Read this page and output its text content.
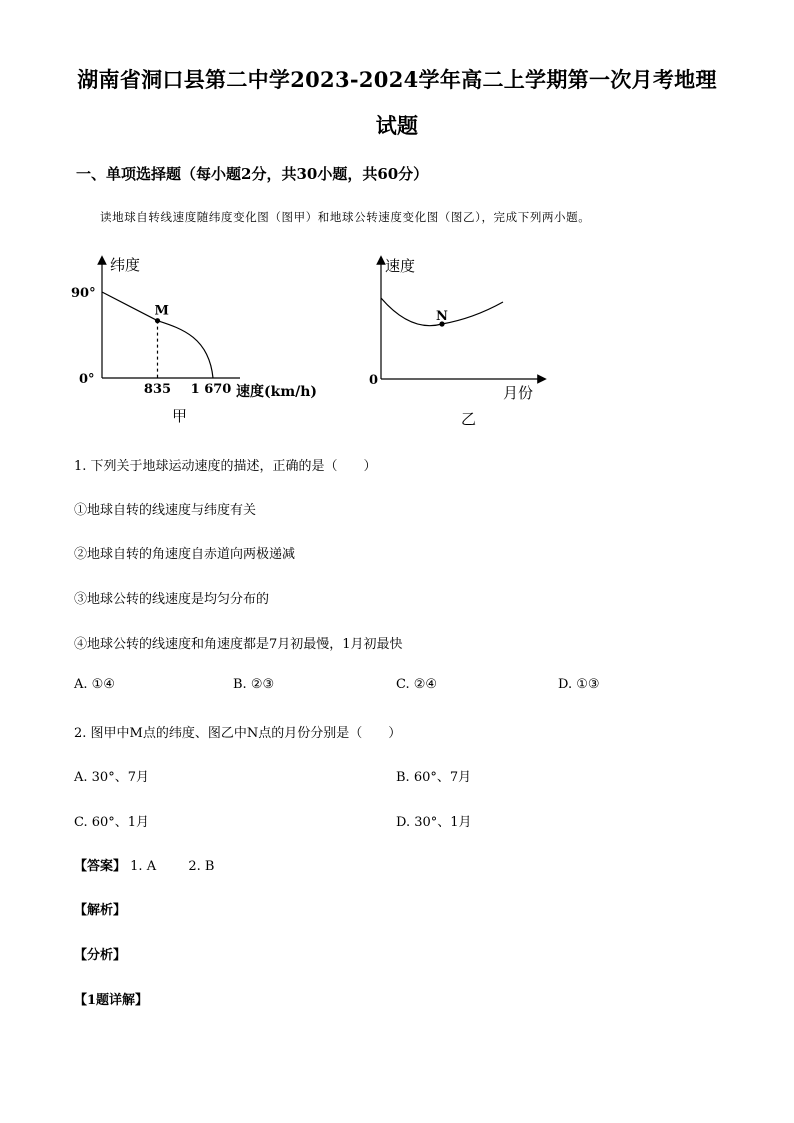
湖南省洞口县第二中学2023-2024学年高二上学期第一次月考地理
试题
一、单项选择题（每小题2分，共30小题，共60分）
读地球自转线速度随纬度变化图（图甲）和地球公转速度变化图（图乙），完成下列两小题。
纬度
90°
0°
M
835 1 670 速度(km/h)
甲
N
速度
0
月份
乙
1. 下列关于地球运动速度的描述，正确的是（　　）
①地球自转的线速度与纬度有关
②地球自转的角速度自赤道向两极递减
③地球公转的线速度是均匀分布的
④地球公转的线速度和角速度都是7月初最慢，1月初最快
A. ①④	B. ②③	C. ②④	D. ①③
2. 图甲中M点的纬度、图乙中N点的月份分别是（　　）
A. 30°、7月	B. 60°、7月
C. 60°、1月	D. 30°、1月
【答案】 1. A 2. B
【解析】
【分析】
【1题详解】
